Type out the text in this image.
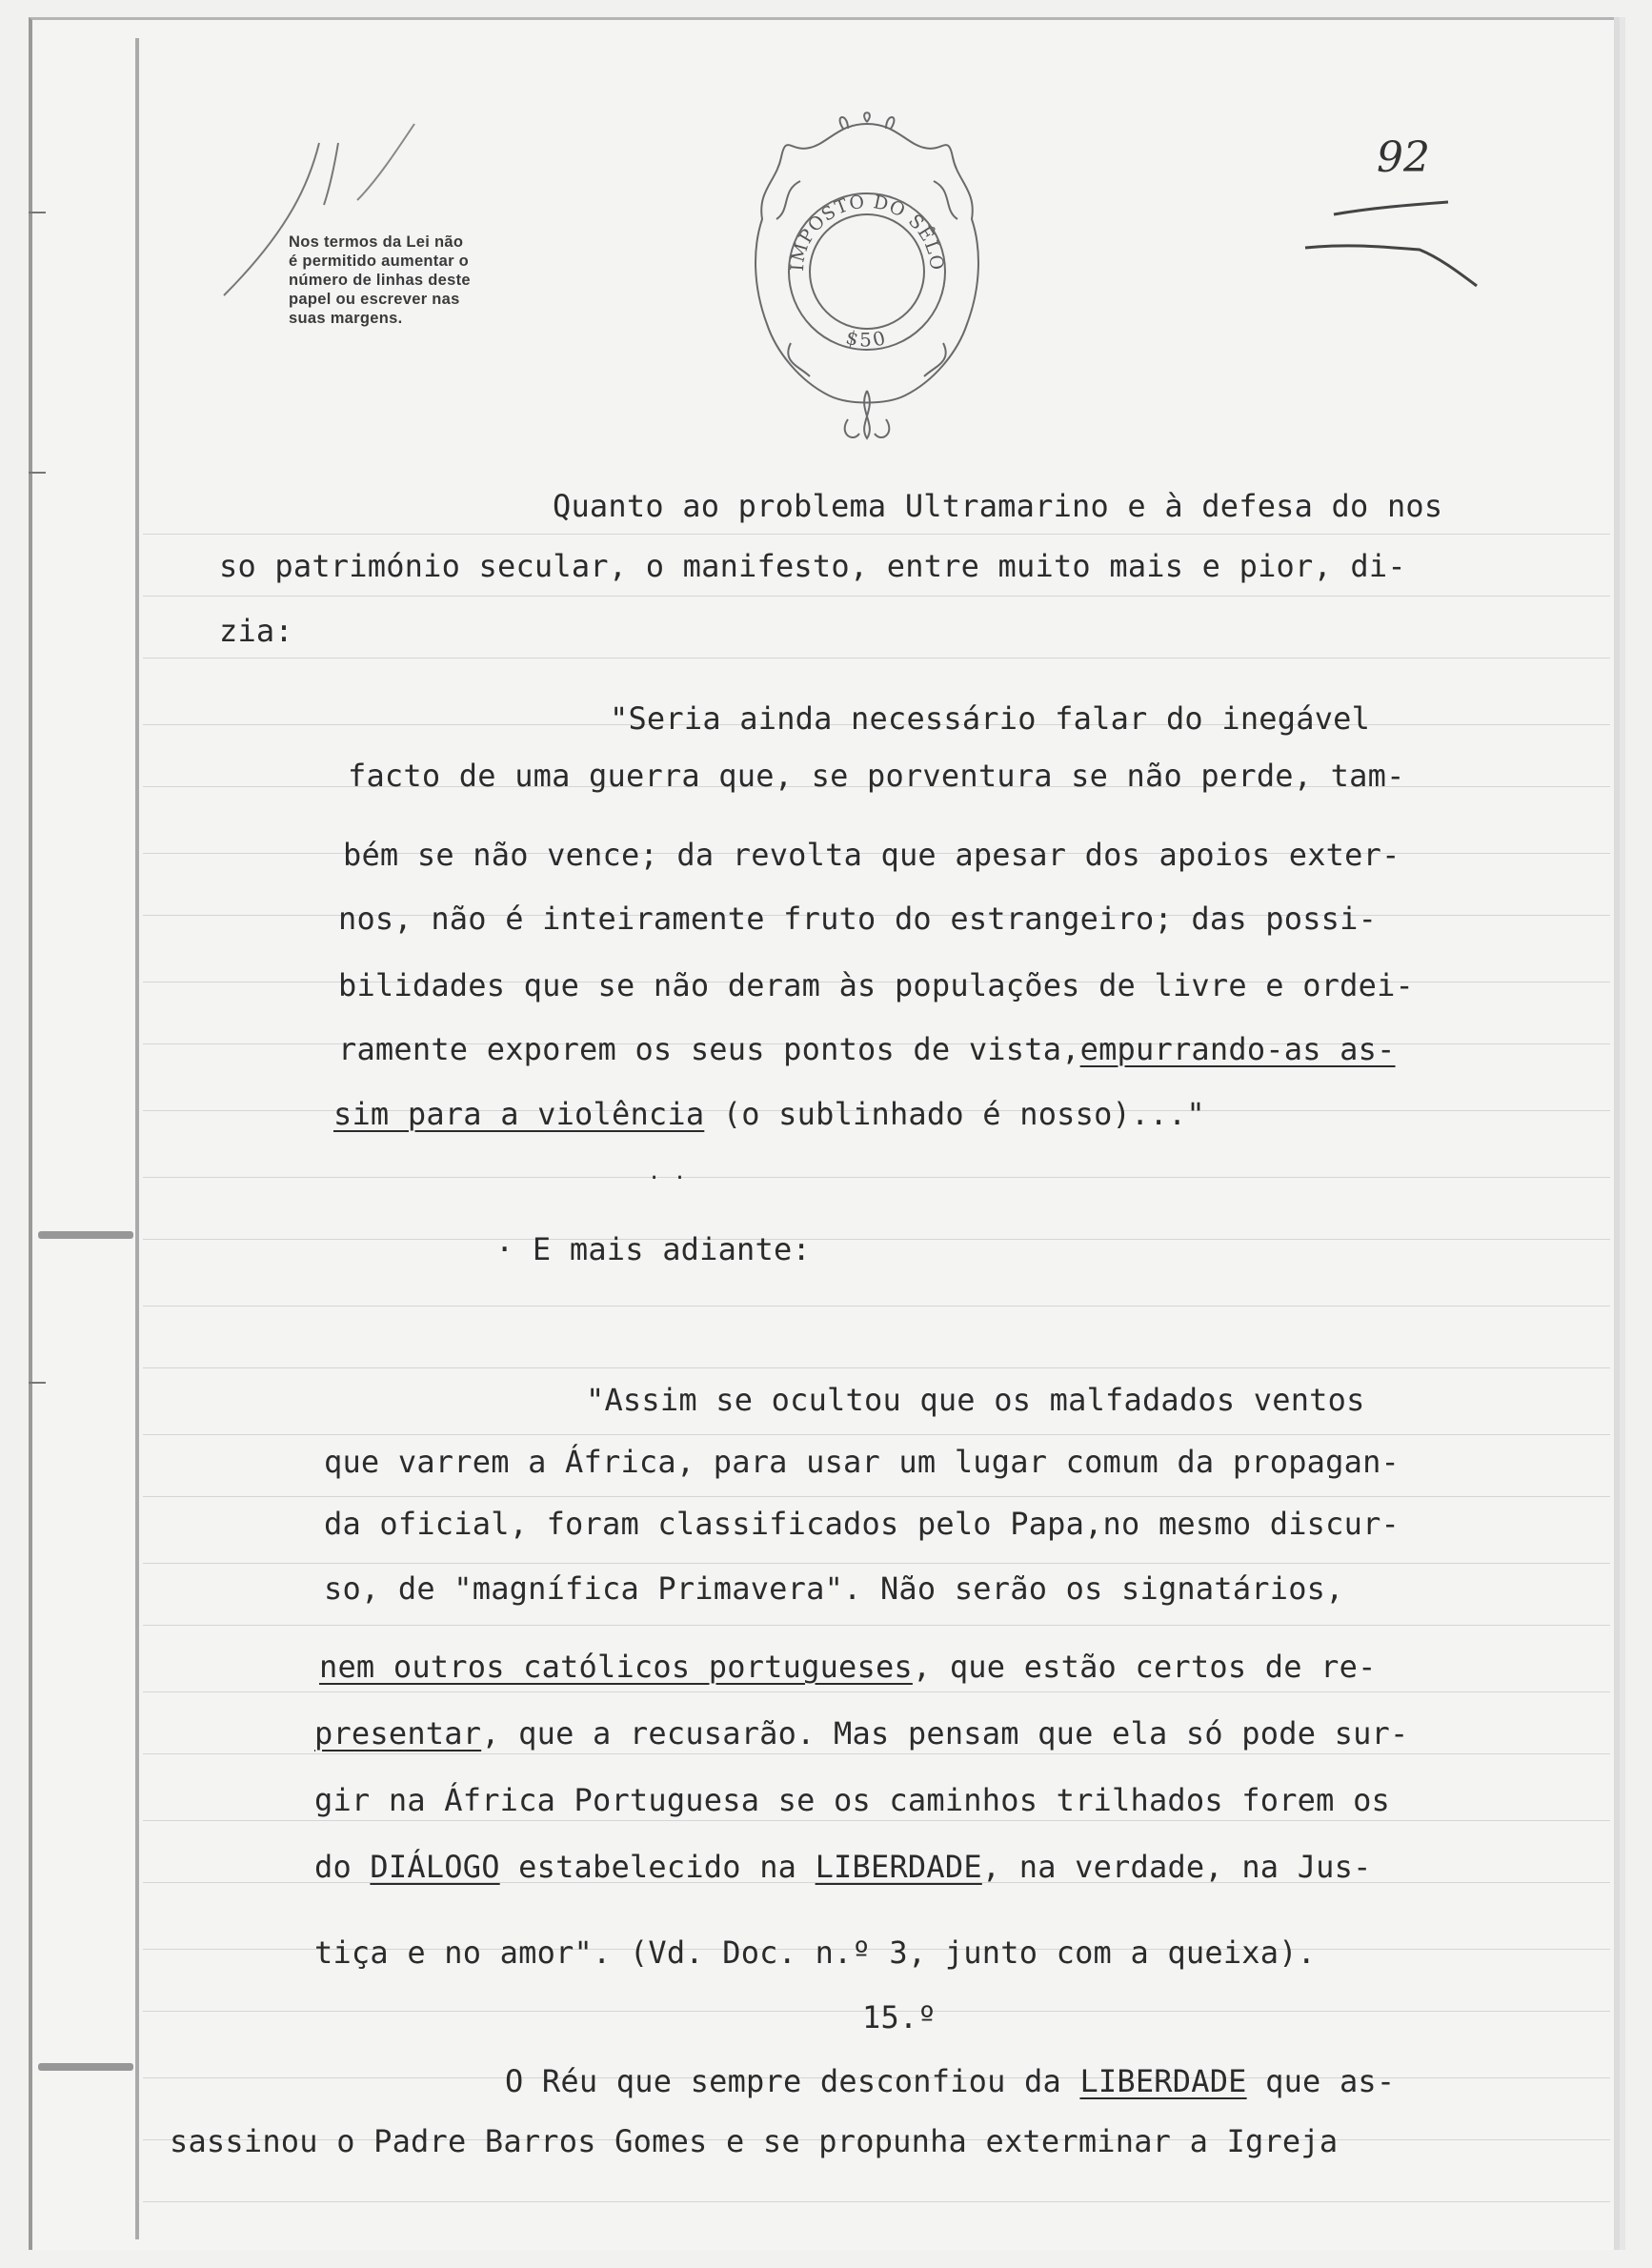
Nos termos da Lei não
é permitido aumentar o
número de linhas deste
papel ou escrever nas
suas margens.
IMPOSTO DO SÊLO
$50
92
Quanto ao problema Ultramarino e à defesa do nos
so património secular, o manifesto, entre muito mais e pior, di-
zia:
"Seria ainda necessário falar do inegável
facto de uma guerra que, se porventura se não perde, tam-
bém se não vence; da revolta que apesar dos apoios exter-
nos, não é inteiramente fruto do estrangeiro; das possi-
bilidades que se não deram às populações de livre e ordei-
ramente exporem os seus pontos de vista,empurrando-as as-
sim para a violência (o sublinhado é nosso)..."
. .
· E mais adiante:
"Assim se ocultou que os malfadados ventos
que varrem a África, para usar um lugar comum da propagan-
da oficial, foram classificados pelo Papa,no mesmo discur-
so, de "magnífica Primavera". Não serão os signatários,
nem outros católicos portugueses, que estão certos de re-
presentar, que a recusarão. Mas pensam que ela só pode sur-
gir na África Portuguesa se os caminhos trilhados forem os
do DIÁLOGO estabelecido na LIBERDADE, na verdade, na Jus-
tiça e no amor". (Vd. Doc. n.º 3, junto com a queixa).
15.º
O Réu que sempre desconfiou da LIBERDADE que as-
sassinou o Padre Barros Gomes e se propunha exterminar a Igreja
